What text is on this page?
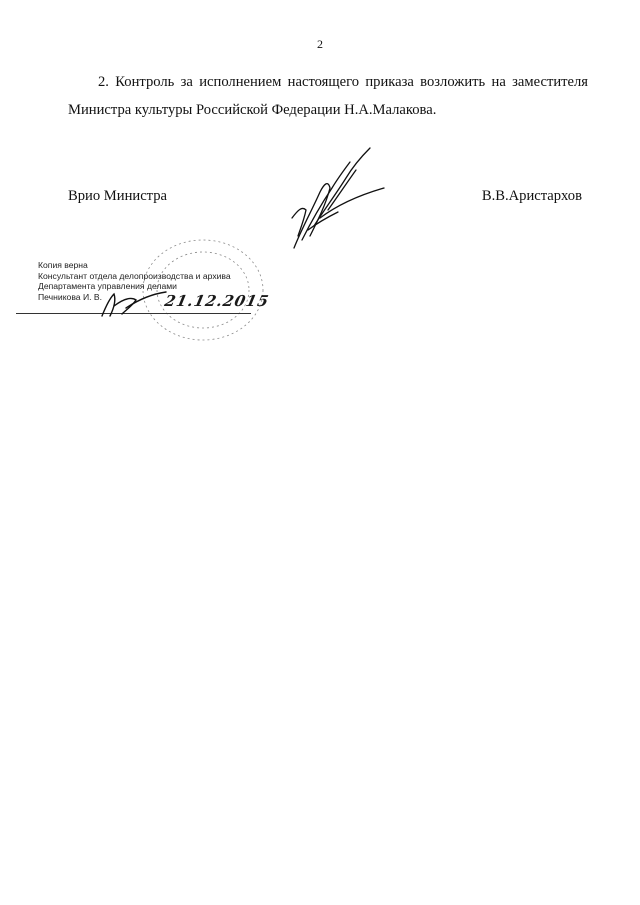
2
2. Контроль за исполнением настоящего приказа возложить на заместителя
Министра культуры Российской Федерации Н.А.Малакова.
Врио Министра	В.В.Аристархов
Копия верна
Консультант отдела делопроизводства и архива
Департамента управления делами
Печникова И. В.	21.12.2015
